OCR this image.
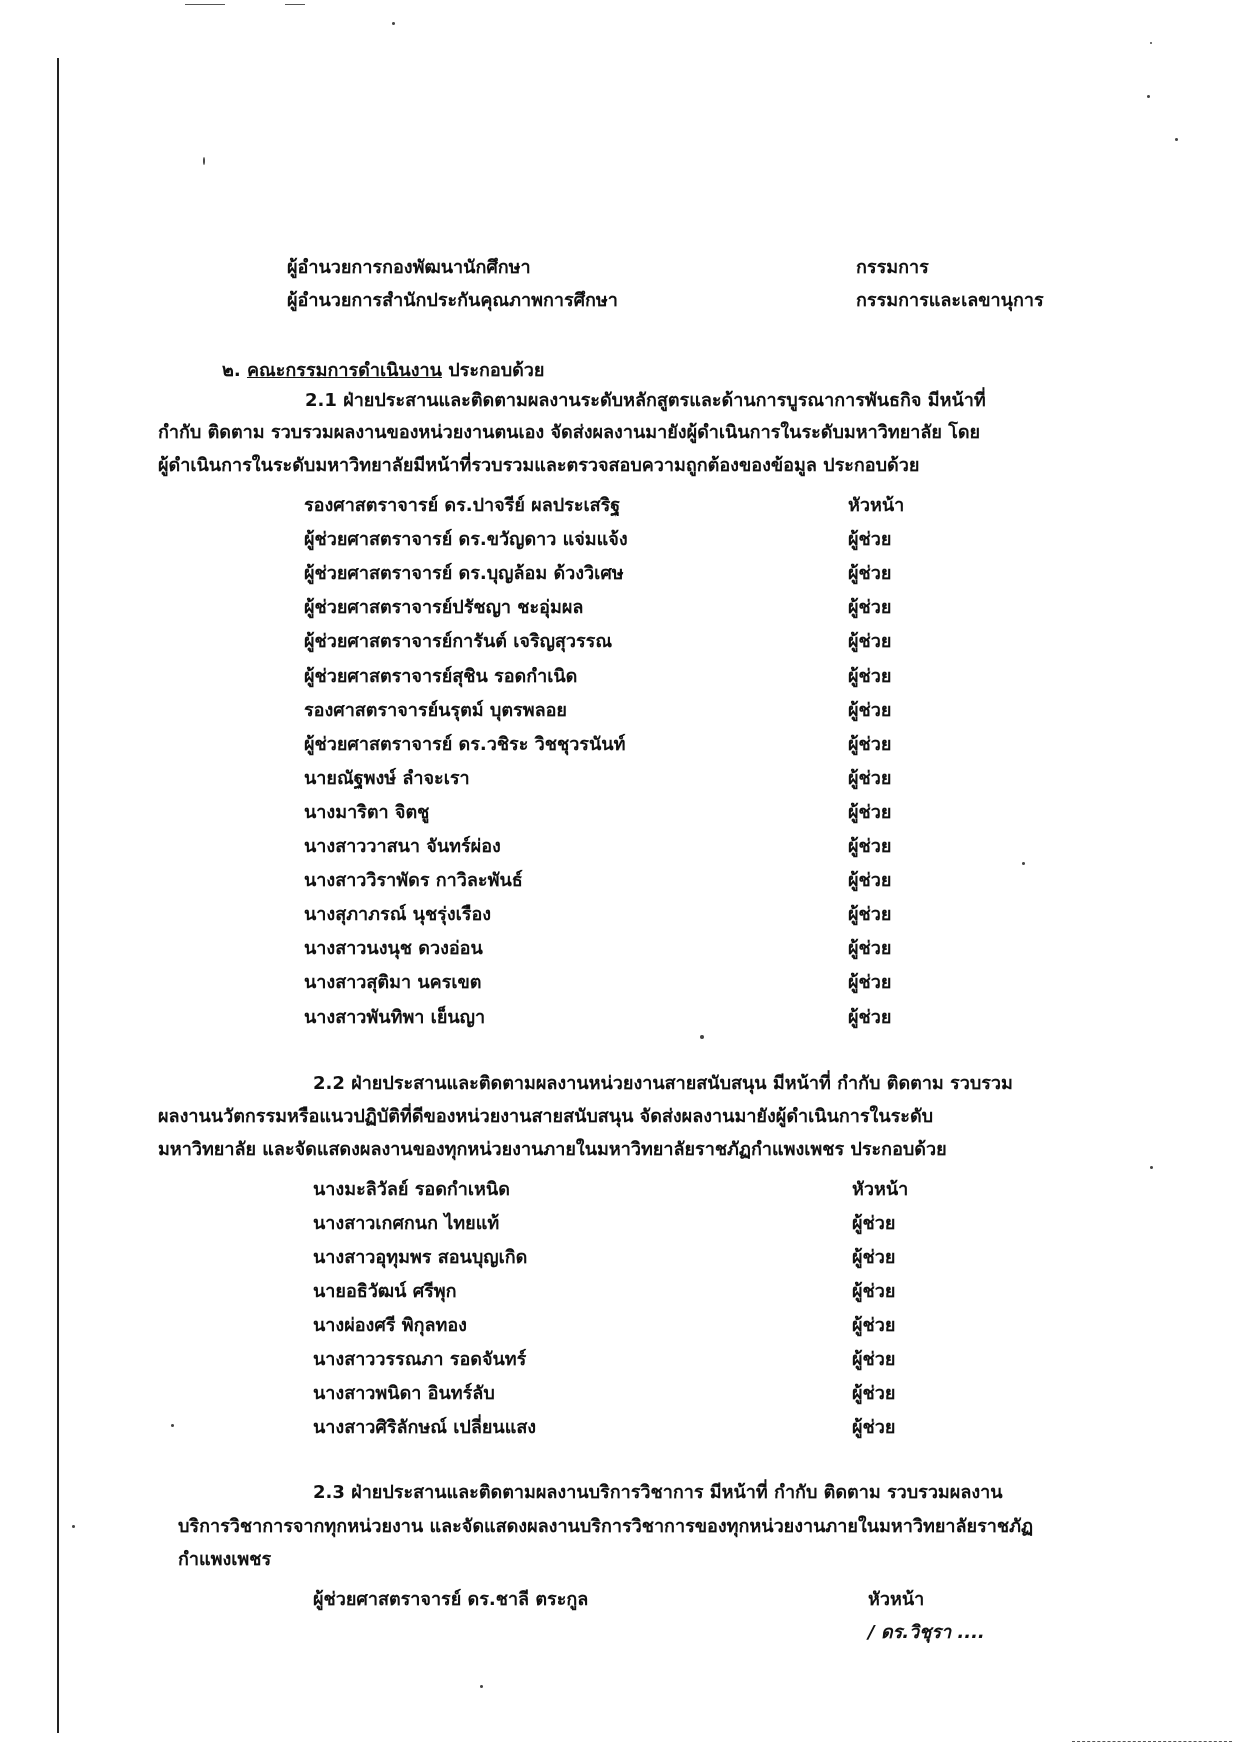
ผู้อำนวยการกองพัฒนานักศึกษา	กรรมการ
ผู้อำนวยการสำนักประกันคุณภาพการศึกษา	กรรมการและเลขานุการ
๒. คณะกรรมการดำเนินงาน ประกอบด้วย
2.1 ฝ่ายประสานและติดตามผลงานระดับหลักสูตรและด้านการบูรณาการพันธกิจ มีหน้าที่
กำกับ ติดตาม รวบรวมผลงานของหน่วยงานตนเอง จัดส่งผลงานมายังผู้ดำเนินการในระดับมหาวิทยาลัย โดย
ผู้ดำเนินการในระดับมหาวิทยาลัยมีหน้าที่รวบรวมและตรวจสอบความถูกต้องของข้อมูล ประกอบด้วย
รองศาสตราจารย์ ดร.ปาจรีย์ ผลประเสริฐ	หัวหน้า
ผู้ช่วยศาสตราจารย์ ดร.ขวัญดาว แจ่มแจ้ง	ผู้ช่วย
ผู้ช่วยศาสตราจารย์ ดร.บุญล้อม ด้วงวิเศษ	ผู้ช่วย
ผู้ช่วยศาสตราจารย์ปรัชญา ชะอุ่มผล	ผู้ช่วย
ผู้ช่วยศาสตราจารย์การันต์ เจริญสุวรรณ	ผู้ช่วย
ผู้ช่วยศาสตราจารย์สุชิน รอดกำเนิด	ผู้ช่วย
รองศาสตราจารย์นรุตม์ บุตรพลอย	ผู้ช่วย
ผู้ช่วยศาสตราจารย์ ดร.วชิระ วิชชุวรนันท์	ผู้ช่วย
นายณัฐพงษ์ ลำจะเรา	ผู้ช่วย
นางมาริตา จิตชู	ผู้ช่วย
นางสาววาสนา จันทร์ผ่อง	ผู้ช่วย
นางสาววิราพัดร กาวิละพันธ์	ผู้ช่วย
นางสุภาภรณ์ นุชรุ่งเรือง	ผู้ช่วย
นางสาวนงนุช ดวงอ่อน	ผู้ช่วย
นางสาวสุติมา นครเขต	ผู้ช่วย
นางสาวพันทิพา เย็นญา	ผู้ช่วย
2.2 ฝ่ายประสานและติดตามผลงานหน่วยงานสายสนับสนุน มีหน้าที่ กำกับ ติดตาม รวบรวม
ผลงานนวัตกรรมหรือแนวปฏิบัติที่ดีของหน่วยงานสายสนับสนุน จัดส่งผลงานมายังผู้ดำเนินการในระดับ
มหาวิทยาลัย และจัดแสดงผลงานของทุกหน่วยงานภายในมหาวิทยาลัยราชภัฏกำแพงเพชร ประกอบด้วย
นางมะลิวัลย์ รอดกำเหนิด	หัวหน้า
นางสาวเกศกนก ไทยแท้	ผู้ช่วย
นางสาวอุทุมพร สอนบุญเกิด	ผู้ช่วย
นายอธิวัฒน์ ศรีพุก	ผู้ช่วย
นางผ่องศรี พิกุลทอง	ผู้ช่วย
นางสาววรรณภา รอดจันทร์	ผู้ช่วย
นางสาวพนิดา อินทร์ลับ	ผู้ช่วย
นางสาวศิริลักษณ์ เปลี่ยนแสง	ผู้ช่วย
2.3 ฝ่ายประสานและติดตามผลงานบริการวิชาการ มีหน้าที่ กำกับ ติดตาม รวบรวมผลงาน
บริการวิชาการจากทุกหน่วยงาน และจัดแสดงผลงานบริการวิชาการของทุกหน่วยงานภายในมหาวิทยาลัยราชภัฏ
กำแพงเพชร
ผู้ช่วยศาสตราจารย์ ดร.ชาลี ตระกูล	หัวหน้า
/ ดร.วิชุรา ....
